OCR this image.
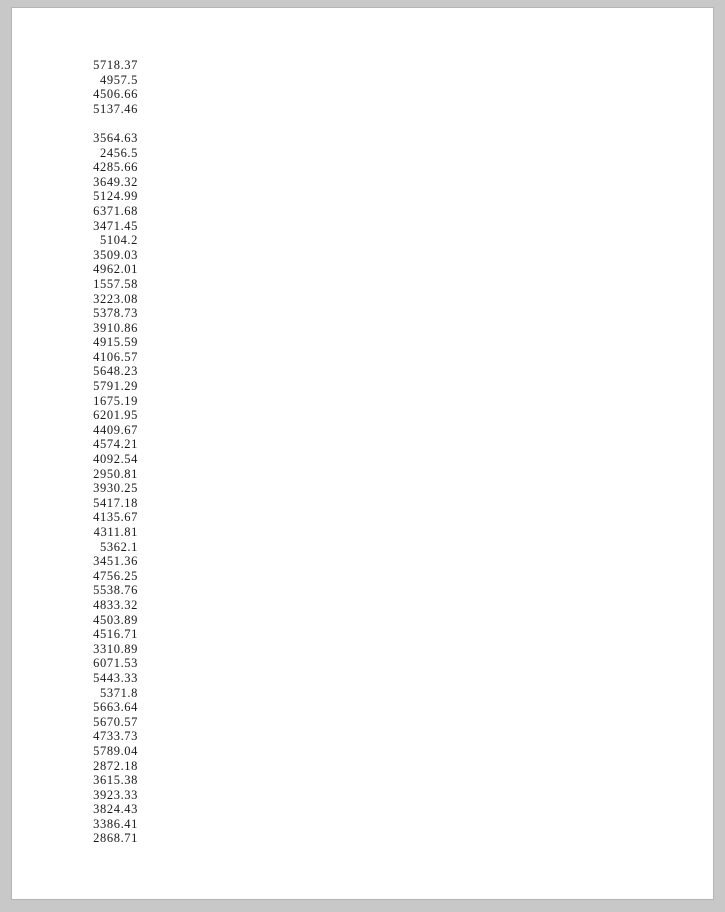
5718.37
4957.5
4506.66
5137.46

3564.63
2456.5
4285.66
3649.32
5124.99
6371.68
3471.45
5104.2
3509.03
4962.01
1557.58
3223.08
5378.73
3910.86
4915.59
4106.57
5648.23
5791.29
1675.19
6201.95
4409.67
4574.21
4092.54
2950.81
3930.25
5417.18
4135.67
4311.81
5362.1
3451.36
4756.25
5538.76
4833.32
4503.89
4516.71
3310.89
6071.53
5443.33
5371.8
5663.64
5670.57
4733.73
5789.04
2872.18
3615.38
3923.33
3824.43
3386.41
2868.71
